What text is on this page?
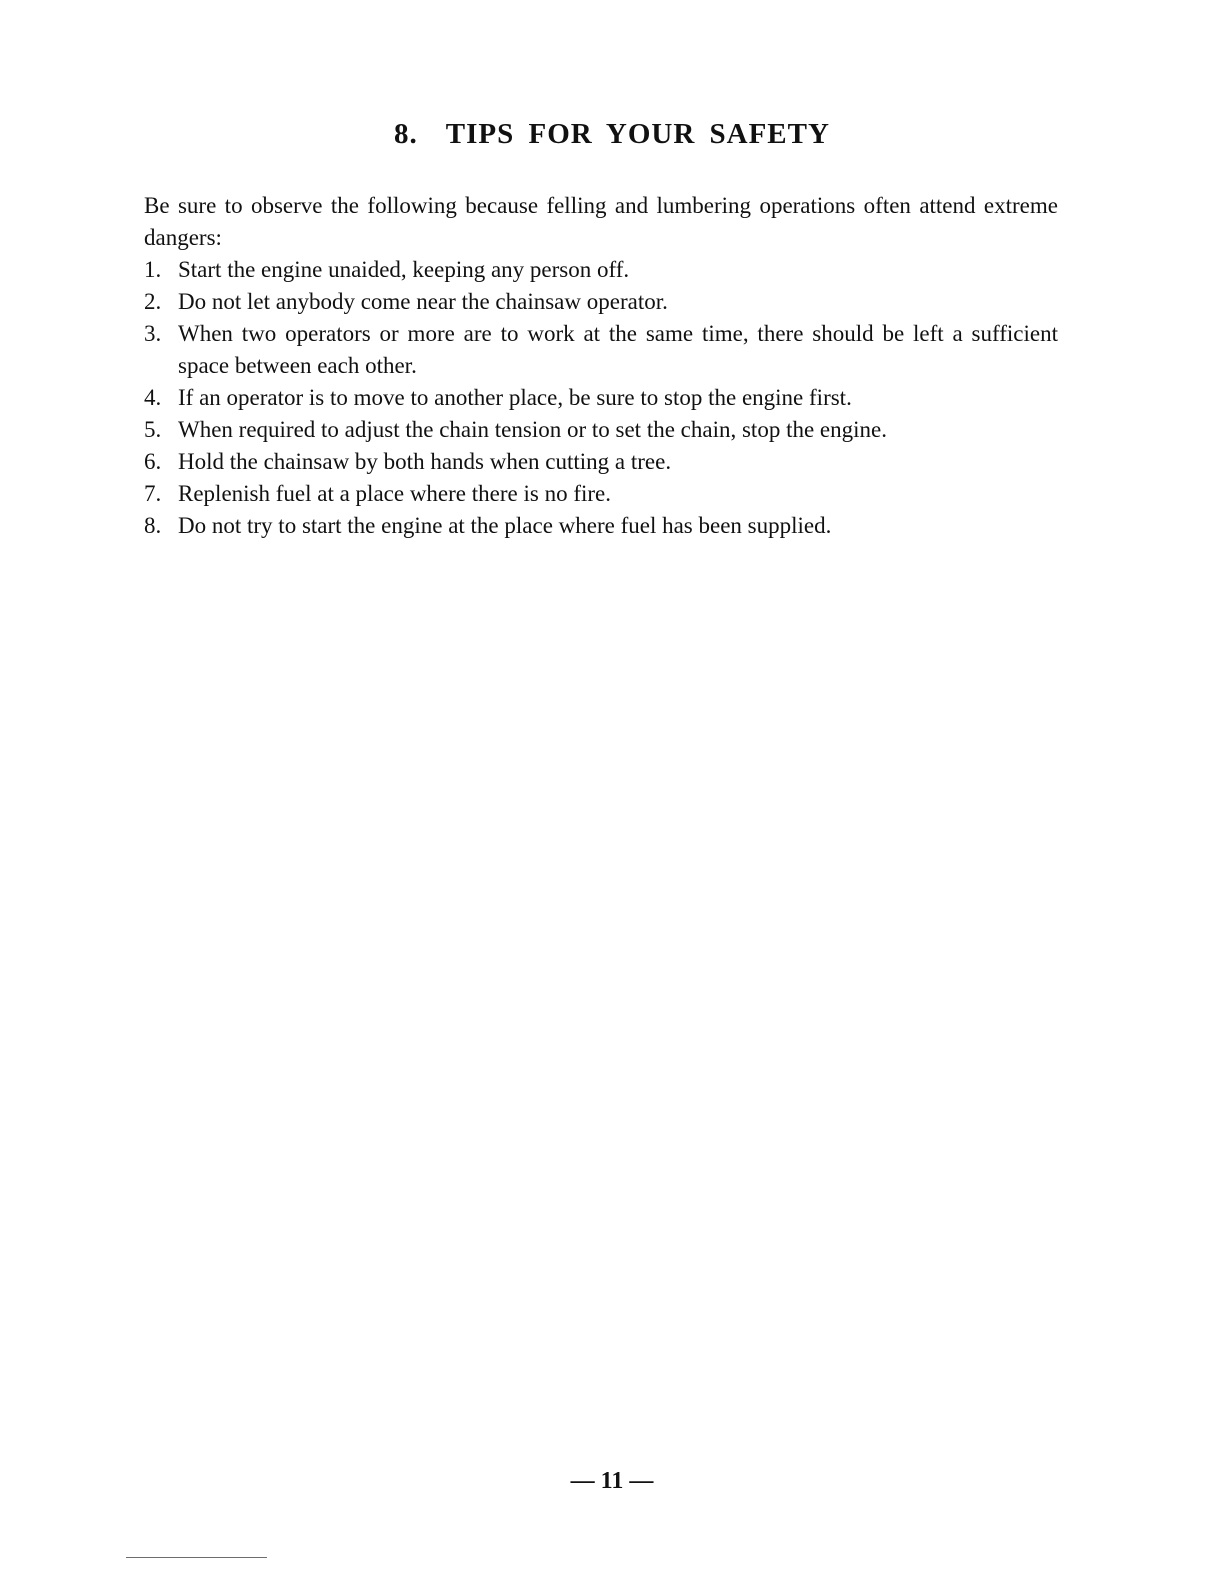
8. TIPS FOR YOUR SAFETY

Be sure to observe the following because felling and lumbering operations often attend extreme dangers:

1. Start the engine unaided, keeping any person off.
2. Do not let anybody come near the chainsaw operator.
3. When two operators or more are to work at the same time, there should be left a sufficient space between each other.
4. If an operator is to move to another place, be sure to stop the engine first.
5. When required to adjust the chain tension or to set the chain, stop the engine.
6. Hold the chainsaw by both hands when cutting a tree.
7. Replenish fuel at a place where there is no fire.
8. Do not try to start the engine at the place where fuel has been supplied.

— 11 —
